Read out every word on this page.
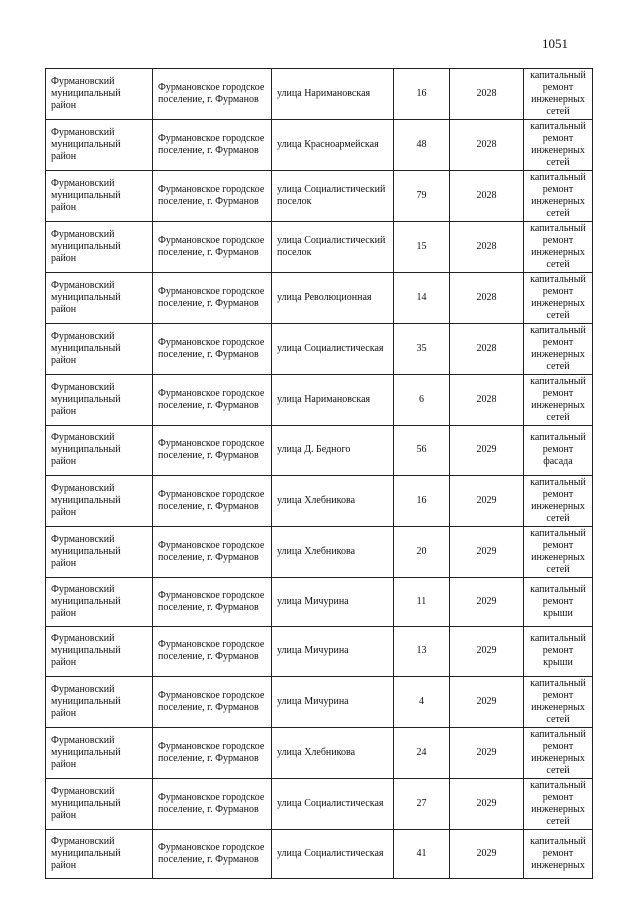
1051
Фурмановский муниципальный район	Фурмановское городское поселение, г. Фурманов	улица Наримановская	16	2028	капитальный ремонт инженерных сетей
Фурмановский муниципальный район	Фурмановское городское поселение, г. Фурманов	улица Красноармейская	48	2028	капитальный ремонт инженерных сетей
Фурмановский муниципальный район	Фурмановское городское поселение, г. Фурманов	улица Социалистический поселок	79	2028	капитальный ремонт инженерных сетей
Фурмановский муниципальный район	Фурмановское городское поселение, г. Фурманов	улица Социалистический поселок	15	2028	капитальный ремонт инженерных сетей
Фурмановский муниципальный район	Фурмановское городское поселение, г. Фурманов	улица Революционная	14	2028	капитальный ремонт инженерных сетей
Фурмановский муниципальный район	Фурмановское городское поселение, г. Фурманов	улица Социалистическая	35	2028	капитальный ремонт инженерных сетей
Фурмановский муниципальный район	Фурмановское городское поселение, г. Фурманов	улица Наримановская	6	2028	капитальный ремонт инженерных сетей
Фурмановский муниципальный район	Фурмановское городское поселение, г. Фурманов	улица Д. Бедного	56	2029	капитальный ремонт фасада
Фурмановский муниципальный район	Фурмановское городское поселение, г. Фурманов	улица Хлебникова	16	2029	капитальный ремонт инженерных сетей
Фурмановский муниципальный район	Фурмановское городское поселение, г. Фурманов	улица Хлебникова	20	2029	капитальный ремонт инженерных сетей
Фурмановский муниципальный район	Фурмановское городское поселение, г. Фурманов	улица Мичурина	11	2029	капитальный ремонт крыши
Фурмановский муниципальный район	Фурмановское городское поселение, г. Фурманов	улица Мичурина	13	2029	капитальный ремонт крыши
Фурмановский муниципальный район	Фурмановское городское поселение, г. Фурманов	улица Мичурина	4	2029	капитальный ремонт инженерных сетей
Фурмановский муниципальный район	Фурмановское городское поселение, г. Фурманов	улица Хлебникова	24	2029	капитальный ремонт инженерных сетей
Фурмановский муниципальный район	Фурмановское городское поселение, г. Фурманов	улица Социалистическая	27	2029	капитальный ремонт инженерных сетей
Фурмановский муниципальный район	Фурмановское городское поселение, г. Фурманов	улица Социалистическая	41	2029	капитальный ремонт инженерных
